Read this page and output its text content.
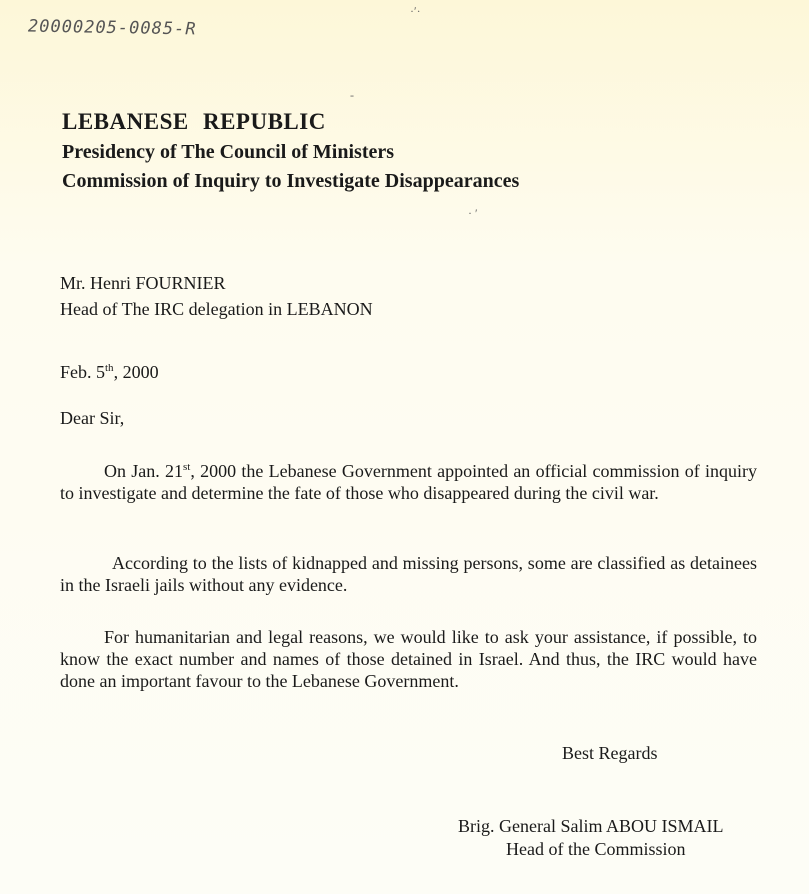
20000205-0085-R
·ʹ·
-
· ′
LEBANESE REPUBLIC
Presidency of The Council of Ministers
Commission of Inquiry to Investigate Disappearances
Mr. Henri FOURNIER
Head of The IRC delegation in LEBANON
Feb. 5th, 2000
Dear Sir,
On Jan. 21st, 2000 the Lebanese Government appointed an official commission of inquiry to investigate and determine the fate of those who disappeared during the civil war.
According to the lists of kidnapped and missing persons, some are classified as detainees in the Israeli jails without any evidence.
For humanitarian and legal reasons, we would like to ask your assistance, if possible, to know the exact number and names of those detained in Israel. And thus, the IRC would have done an important favour to the Lebanese Government.
Best Regards
Brig. General Salim ABOU ISMAIL
Head of the Commission
